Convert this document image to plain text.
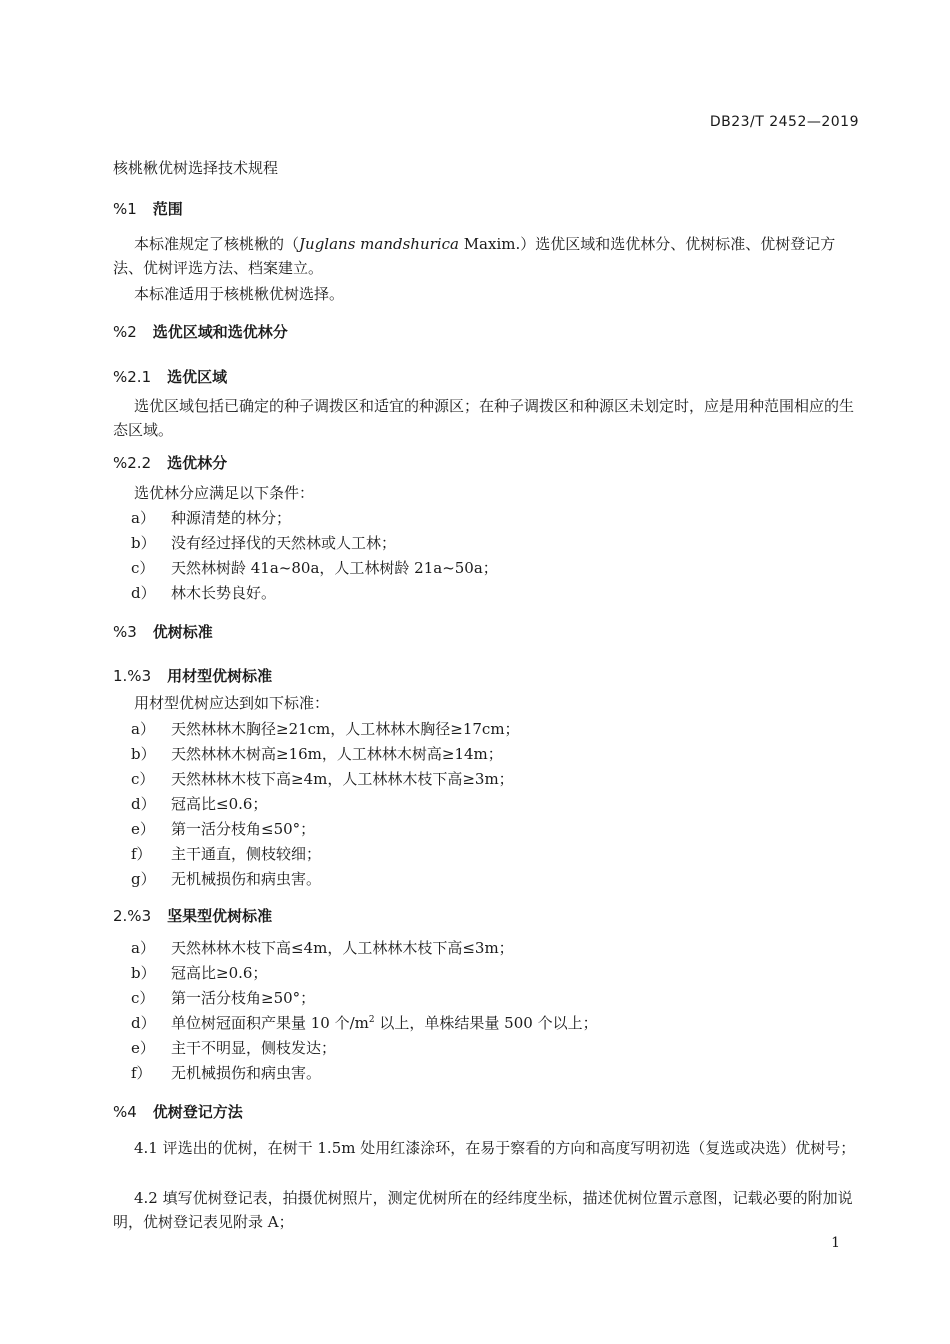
DB23/T 2452—2019
核桃楸优树选择技术规程
%1 范围
本标准规定了核桃楸的（Juglans mandshurica Maxim.）选优区域和选优林分、优树标准、优树登记方法、优树评选方法、档案建立。
本标准适用于核桃楸优树选择。
%2 选优区域和选优林分
%2.1 选优区域
选优区域包括已确定的种子调拨区和适宜的种源区；在种子调拨区和种源区未划定时，应是用种范围相应的生态区域。
%2.2 选优林分
选优林分应满足以下条件：
a） 种源清楚的林分；
b） 没有经过择伐的天然林或人工林；
c） 天然林树龄 41a~80a，人工林树龄 21a~50a；
d） 林木长势良好。
%3 优树标准
1.%3 用材型优树标准
用材型优树应达到如下标准：
a） 天然林林木胸径≥21cm，人工林林木胸径≥17cm；
b） 天然林林木树高≥16m，人工林林木树高≥14m；
c） 天然林林木枝下高≥4m，人工林林木枝下高≥3m；
d） 冠高比≤0.6；
e） 第一活分枝角≤50°；
f） 主干通直，侧枝较细；
g） 无机械损伤和病虫害。
2.%3 坚果型优树标准
a） 天然林林木枝下高≤4m，人工林林木枝下高≤3m；
b） 冠高比≥0.6；
c） 第一活分枝角≥50°；
d） 单位树冠面积产果量 10 个$/m^2$ 以上，单株结果量 500 个以上；
e） 主干不明显，侧枝发达；
f） 无机械损伤和病虫害。
%4 优树登记方法
4.1 评选出的优树，在树干 1.5m 处用红漆涂环，在易于察看的方向和高度写明初选（复选或决选）优树号；
4.2 填写优树登记表，拍摄优树照片，测定优树所在的经纬度坐标，描述优树位置示意图，记载必要的附加说明，优树登记表见附录 A；
1
